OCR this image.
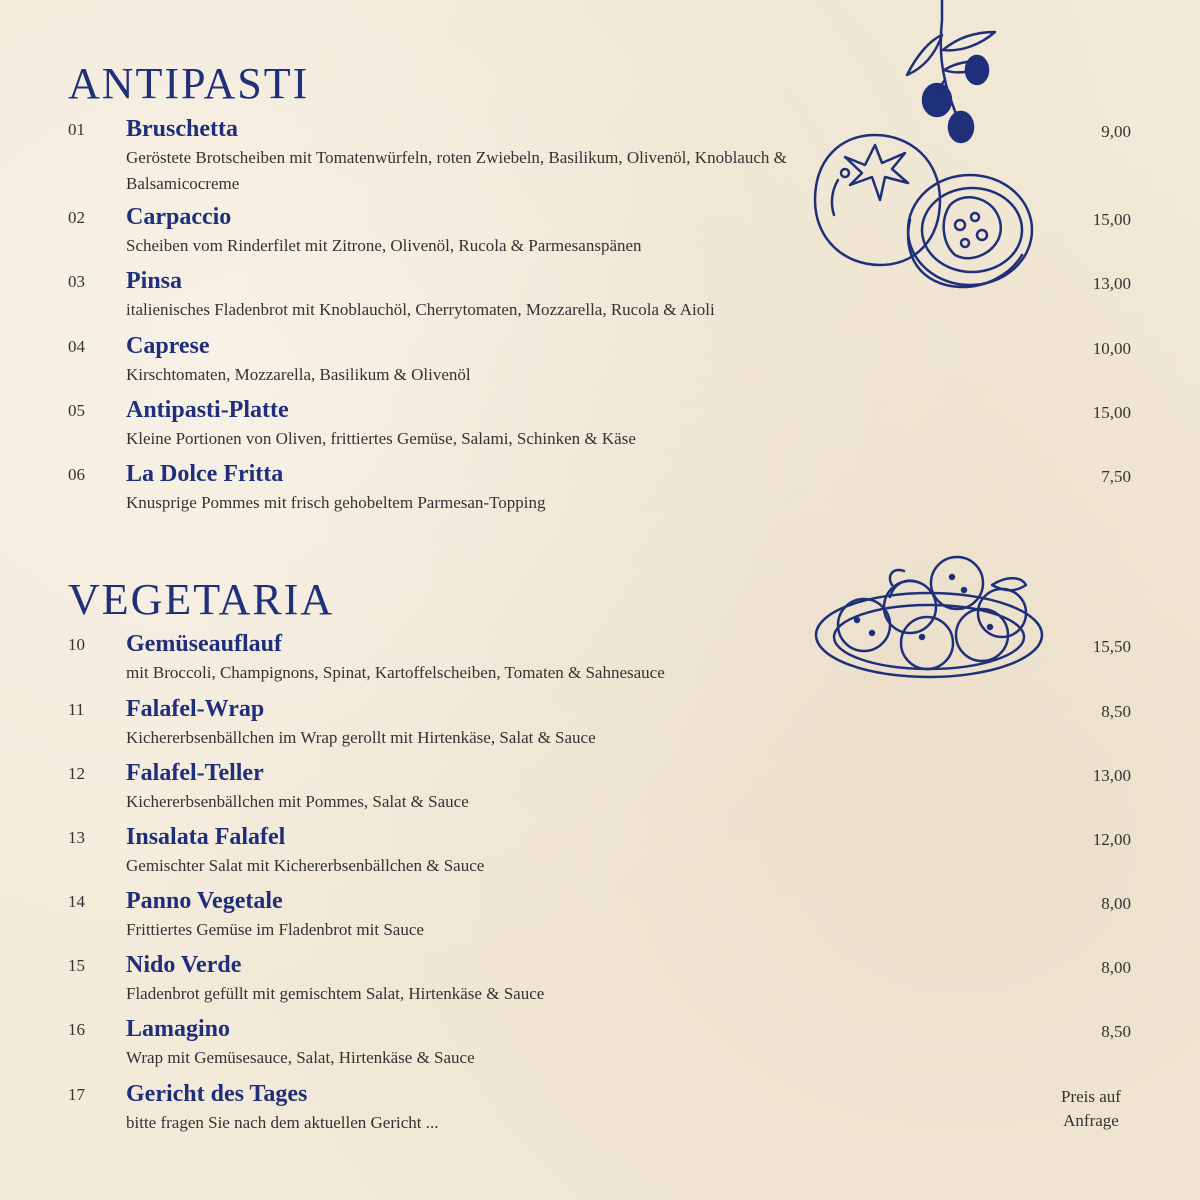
ANTIPASTI
01 Bruschetta
Geröstete Brotscheiben mit Tomatenwürfeln, roten Zwiebeln, Basilikum, Olivenöl, Knoblauch & Balsamicocreme
9,00
02 Carpaccio
Scheiben vom Rinderfilet mit Zitrone, Olivenöl, Rucola & Parmesanspänen
15,00
03 Pinsa
italienisches Fladenbrot mit Knoblauchöl, Cherrytomaten, Mozzarella, Rucola & Aioli
13,00
04 Caprese
Kirschtomaten, Mozzarella, Basilikum & Olivenöl
10,00
05 Antipasti-Platte
Kleine Portionen von Oliven, frittiertes Gemüse, Salami, Schinken & Käse
15,00
06 La Dolce Fritta
Knusprige Pommes mit frisch gehobeltem Parmesan-Topping
7,50
VEGETARIA
10 Gemüseauflauf
mit Broccoli, Champignons, Spinat, Kartoffelscheiben, Tomaten & Sahnesauce
15,50
11 Falafel-Wrap
Kichererbsenbällchen im Wrap gerollt mit Hirtenkäse, Salat & Sauce
8,50
12 Falafel-Teller
Kichererbsenbällchen mit Pommes, Salat & Sauce
13,00
13 Insalata Falafel
Gemischter Salat mit Kichererbsenbällchen & Sauce
12,00
14 Panno Vegetale
Frittiertes Gemüse im Fladenbrot mit Sauce
8,00
15 Nido Verde
Fladenbrot gefüllt mit gemischtem Salat, Hirtenkäse & Sauce
8,00
16 Lamagino
Wrap mit Gemüsesauce, Salat, Hirtenkäse & Sauce
8,50
17 Gericht des Tages
bitte fragen Sie nach dem aktuellen Gericht ...
Preis auf Anfrage
